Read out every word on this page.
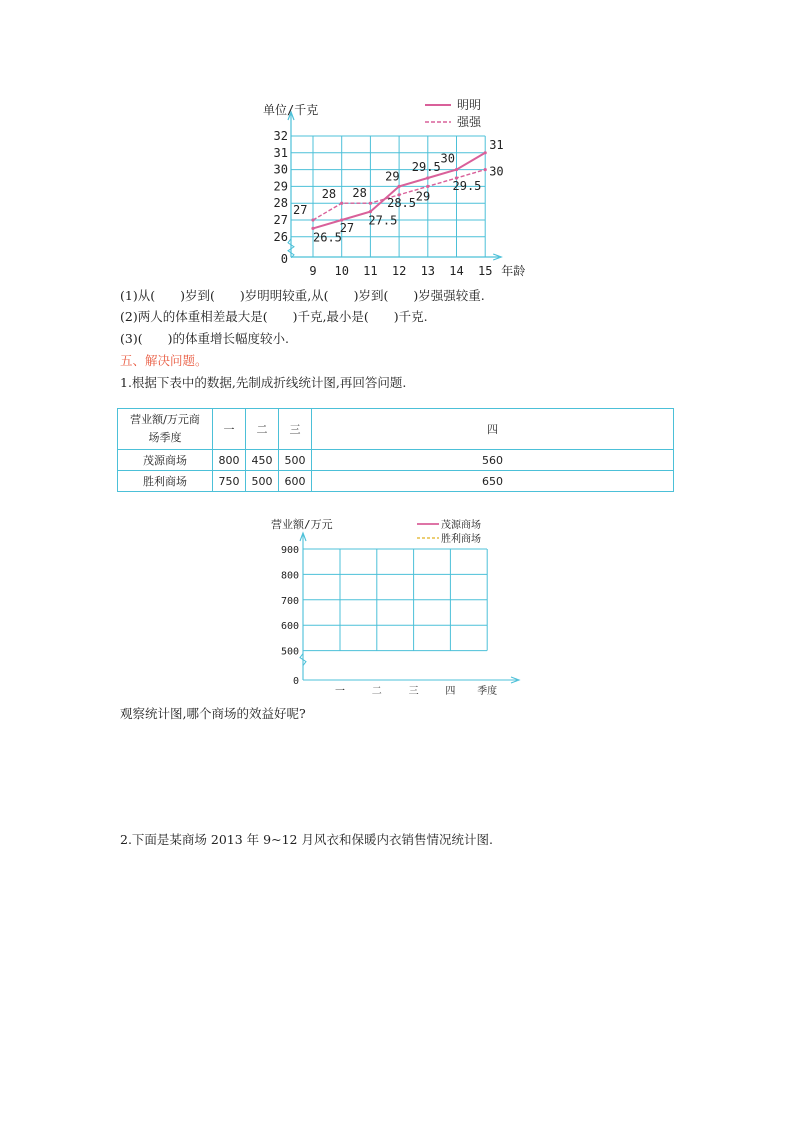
32
31
30
29
28
27
26
0
9 10 11 12 13 14 15
单位/千克
年龄
26.5
27
27.5
29
29.5
30
31
27
28 28
28.5 29
29.5
30
明明
强强
(1)从(　　)岁到(　　)岁明明较重,从(　　)岁到(　　)岁强强较重.
(2)两人的体重相差最大是(　　)千克,最小是(　　)千克.
(3)(　　)的体重增长幅度较小.
五、解决问题。
1.根据下表中的数据,先制成折线统计图,再回答问题.
营业额/万元商
场季度	一	二	三	四
茂源商场	800	450	500	560
胜利商场	750	500	600	650
900
800
700
600
500
0
一	二	三	四 季度
营业额/万元	茂源商场
胜利商场
观察统计图,哪个商场的效益好呢?
2.下面是某商场 2013 年 9~12 月风衣和保暖内衣销售情况统计图.
